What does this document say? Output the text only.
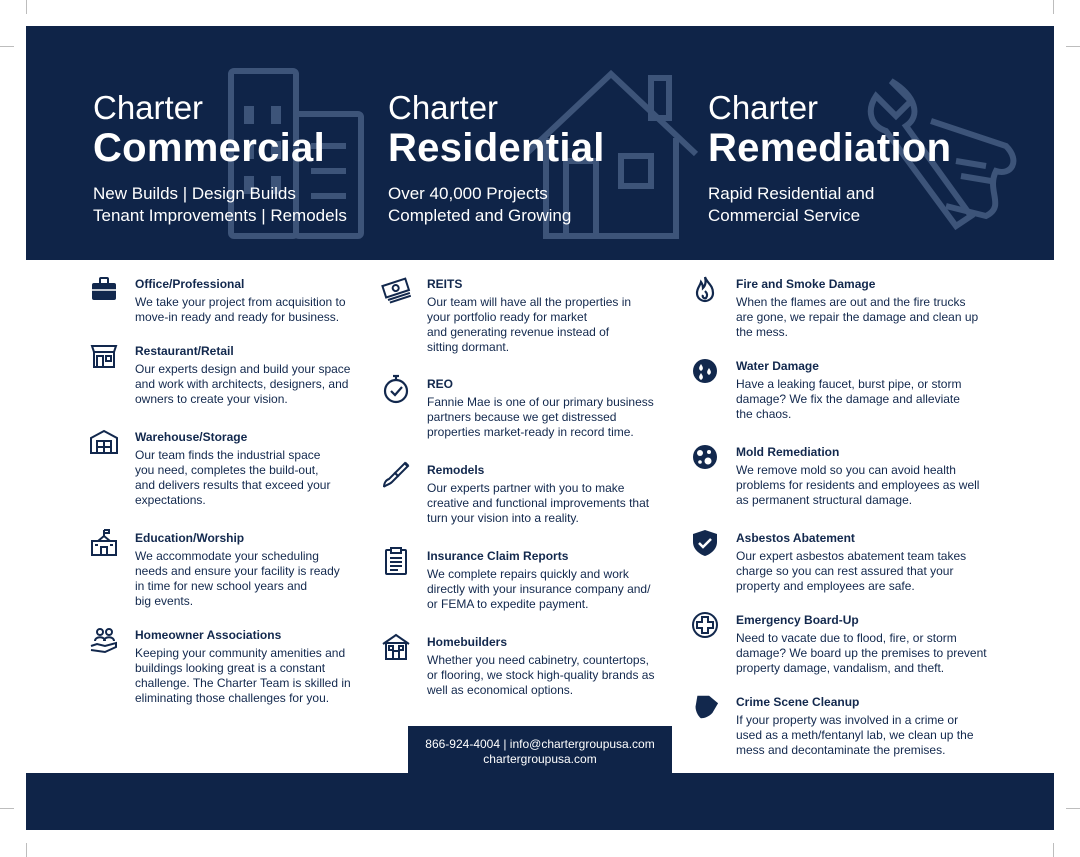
Charter
Commercial
New Builds | Design Builds
Tenant Improvements | Remodels
Charter
Residential
Over 40,000 Projects
Completed and Growing
Charter
Remediation
Rapid Residential and
Commercial Service
Office/Professional
We take your project from acquisition to
move-in ready and ready for business.
Restaurant/Retail
Our experts design and build your space
and work with architects, designers, and
owners to create your vision.
Warehouse/Storage
Our team finds the industrial space
you need, completes the build-out,
and delivers results that exceed your
expectations.
Education/Worship
We accommodate your scheduling
needs and ensure your facility is ready
in time for new school years and
big events.
Homeowner Associations
Keeping your community amenities and
buildings looking great is a constant
challenge. The Charter Team is skilled in
eliminating those challenges for you.
REITS
Our team will have all the properties in
your portfolio ready for market
and generating revenue instead of
sitting dormant.
REO
Fannie Mae is one of our primary business
partners because we get distressed
properties market-ready in record time.
Remodels
Our experts partner with you to make
creative and functional improvements that
turn your vision into a reality.
Insurance Claim Reports
We complete repairs quickly and work
directly with your insurance company and/
or FEMA to expedite payment.
Homebuilders
Whether you need cabinetry, countertops,
or flooring, we stock high-quality brands as
well as economical options.
Fire and Smoke Damage
When the flames are out and the fire trucks
are gone, we repair the damage and clean up
the mess.
Water Damage
Have a leaking faucet, burst pipe, or storm
damage? We fix the damage and alleviate
the chaos.
Mold Remediation
We remove mold so you can avoid health
problems for residents and employees as well
as permanent structural damage.
Asbestos Abatement
Our expert asbestos abatement team takes
charge so you can rest assured that your
property and employees are safe.
Emergency Board-Up
Need to vacate due to flood, fire, or storm
damage? We board up the premises to prevent
property damage, vandalism, and theft.
Crime Scene Cleanup
If your property was involved in a crime or
used as a meth/fentanyl lab, we clean up the
mess and decontaminate the premises.
866-924-4004 | info@chartergroupusa.com
chartergroupusa.com
